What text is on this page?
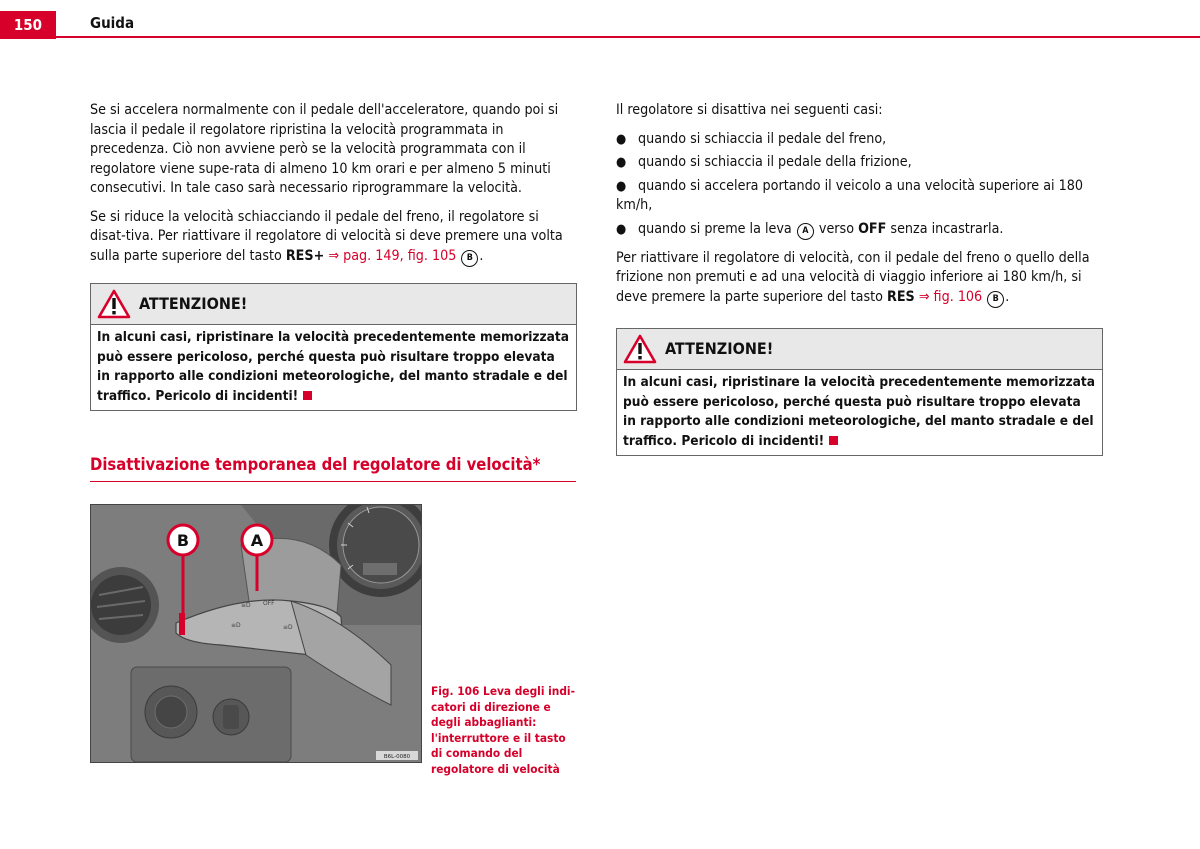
150	Guida

Se si accelera normalmente con il pedale dell'acceleratore, quando poi si lascia il pedale il regolatore ripristina la velocità programmata in precedenza. Ciò non avviene però se la velocità programmata con il regolatore viene supe-rata di almeno 10 km orari e per almeno 5 minuti consecutivi. In tale caso sarà necessario riprogrammare la velocità.

Se si riduce la velocità schiacciando il pedale del freno, il regolatore si disat-tiva. Per riattivare il regolatore di velocità si deve premere una volta sulla parte superiore del tasto RES+ ⇒ pag. 149, fig. 105 B .

ATTENZIONE!
In alcuni casi, ripristinare la velocità precedentemente memorizzata può essere pericoloso, perché questa può risultare troppo elevata in rapporto alle condizioni meteorologiche, del manto stradale e del traffico. Pericolo di incidenti!
Disattivazione temporanea del regolatore di velocità*
≡D OFF
≡D	≡D
B	A
B6L-0080
Fig. 106 Leva degli indi-catori di direzione e degli abbaglianti: l'interruttore e il tasto di comando del regolatore di velocità

Il regolatore si disattiva nei seguenti casi:

● quando si schiaccia il pedale del freno,

● quando si schiaccia il pedale della frizione,

● quando si accelera portando il veicolo a una velocità superiore ai 180 km/h,

● quando si preme la leva A verso OFF senza incastrarla.

Per riattivare il regolatore di velocità, con il pedale del freno o quello della frizione non premuti e ad una velocità di viaggio inferiore ai 180 km/h, si deve premere la parte superiore del tasto RES ⇒ fig. 106 B .

ATTENZIONE!
In alcuni casi, ripristinare la velocità precedentemente memorizzata può essere pericoloso, perché questa può risultare troppo elevata in rapporto alle condizioni meteorologiche, del manto stradale e del traffico. Pericolo di incidenti!
